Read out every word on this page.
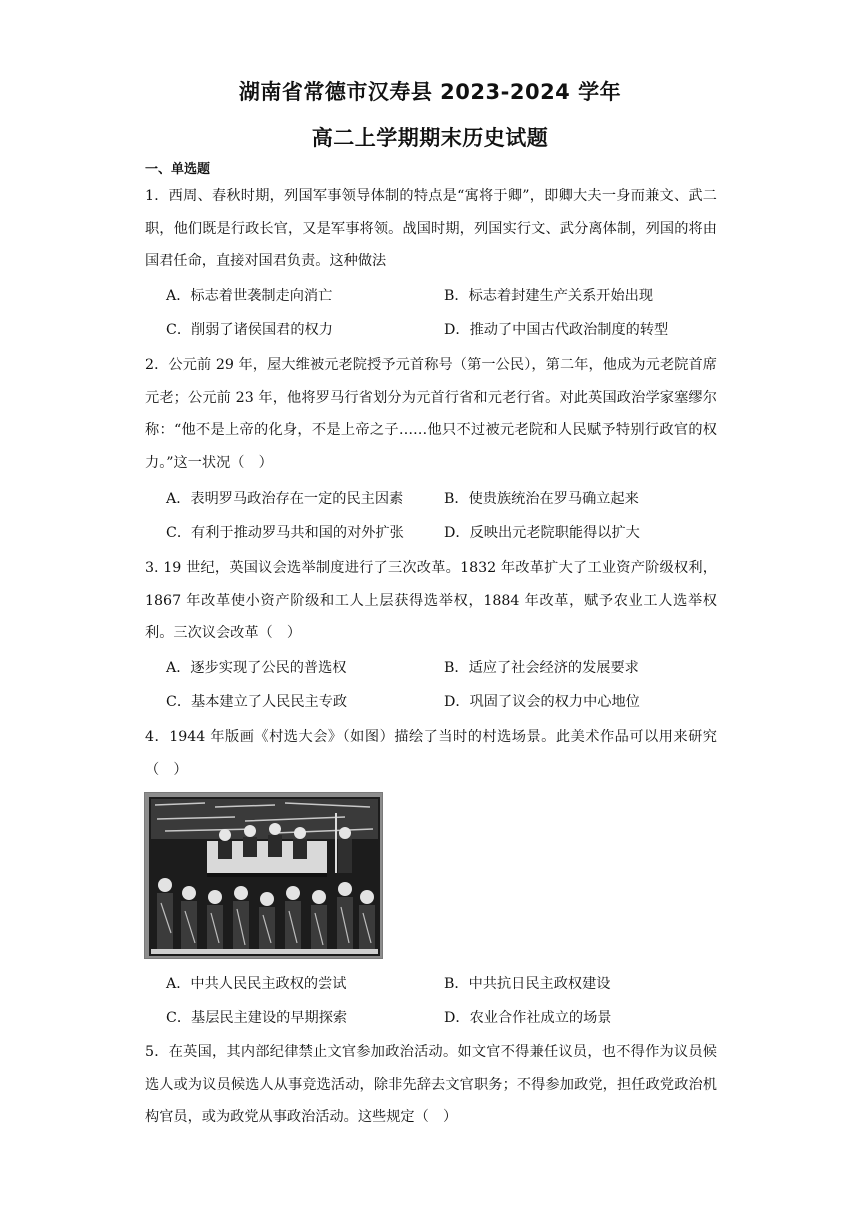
湖南省常德市汉寿县 2023-2024 学年
高二上学期期末历史试题
一、单选题

1．西周、春秋时期，列国军事领导体制的特点是“寓将于卿”，即卿大夫一身而兼文、武二职，他们既是行政长官，又是军事将领。战国时期，列国实行文、武分离体制，列国的将由国君任命，直接对国君负责。这种做法

A．标志着世袭制走向消亡	B．标志着封建生产关系开始出现
C．削弱了诸侯国君的权力	D．推动了中国古代政治制度的转型

2．公元前 29 年，屋大维被元老院授予元首称号（第一公民），第二年，他成为元老院首席元老；公元前 23 年，他将罗马行省划分为元首行省和元老行省。对此英国政治学家塞缪尔称：“他不是上帝的化身，不是上帝之子……他只不过被元老院和人民赋予特别行政官的权力。”这一状况（　）

A．表明罗马政治存在一定的民主因素	B．使贵族统治在罗马确立起来
C．有利于推动罗马共和国的对外扩张	D．反映出元老院职能得以扩大

3. 19 世纪，英国议会选举制度进行了三次改革。1832 年改革扩大了工业资产阶级权利，1867 年改革使小资产阶级和工人上层获得选举权，1884 年改革，赋予农业工人选举权利。三次议会改革（　）

A．逐步实现了公民的普选权	B．适应了社会经济的发展要求
C．基本建立了人民民主专政	D．巩固了议会的权力中心地位

4．1944 年版画《村选大会》（如图）描绘了当时的村选场景。此美术作品可以用来研究（　）

A．中共人民民主政权的尝试	B．中共抗日民主政权建设
C．基层民主建设的早期探索	D．农业合作社成立的场景

5．在英国，其内部纪律禁止文官参加政治活动。如文官不得兼任议员，也不得作为议员候选人或为议员候选人从事竞选活动，除非先辞去文官职务；不得参加政党，担任政党政治机构官员，或为政党从事政治活动。这些规定（　）
